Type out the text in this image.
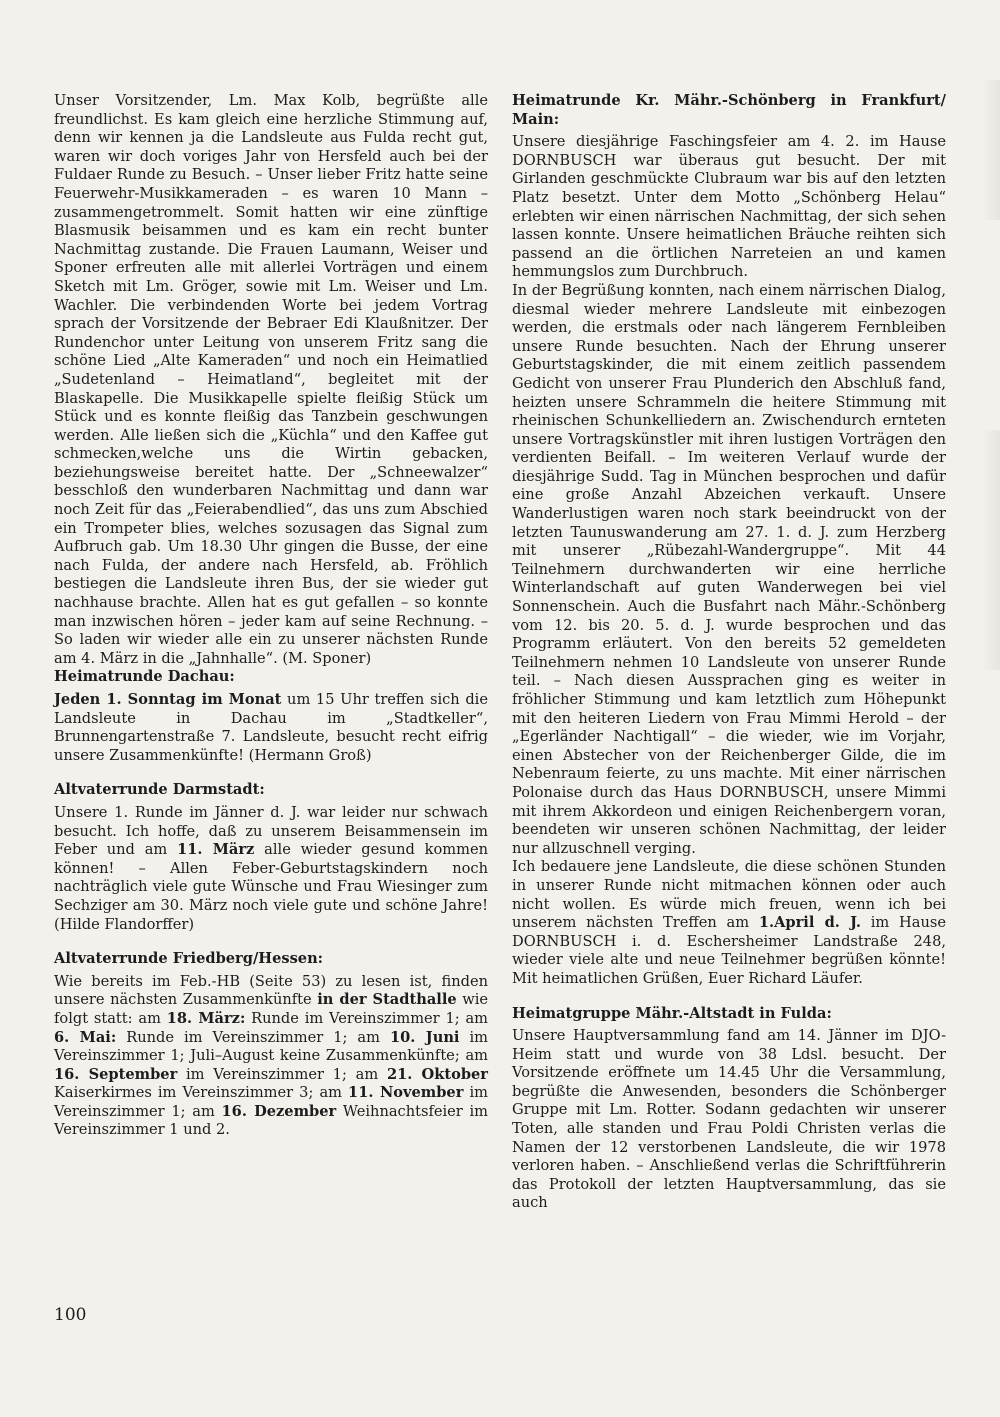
Unser Vorsitzender, Lm. Max Kolb, begrüßte alle freundlichst. Es kam gleich eine herzliche Stimmung auf, denn wir kennen ja die Landsleute aus Fulda recht gut, waren wir doch voriges Jahr von Hersfeld auch bei der Fuldaer Runde zu Besuch. – Unser lieber Fritz hatte seine Feuerwehr-Musikkameraden – es waren 10 Mann – zusammengetrommelt. Somit hatten wir eine zünftige Blasmusik beisammen und es kam ein recht bunter Nachmittag zustande. Die Frauen Laumann, Weiser und Sponer erfreuten alle mit allerlei Vorträgen und einem Sketch mit Lm. Gröger, sowie mit Lm. Weiser und Lm. Wachler. Die verbindenden Worte bei jedem Vortrag sprach der Vorsitzende der Bebraer Edi Klaußnitzer. Der Rundenchor unter Leitung von unserem Fritz sang die schöne Lied „Alte Kameraden“ und noch ein Heimatlied „Sudetenland – Heimatland“, begleitet mit der Blaskapelle. Die Musikkapelle spielte fleißig Stück um Stück und es konnte fleißig das Tanzbein geschwungen werden. Alle ließen sich die „Küchla“ und den Kaffee gut schmecken,welche uns die Wirtin gebacken, beziehungsweise bereitet hatte. Der „Schneewalzer“ besschloß den wunderbaren Nachmittag und dann war noch Zeit für das „Feierabendlied“, das uns zum Abschied ein Trompeter blies, welches sozusagen das Signal zum Aufbruch gab. Um 18.30 Uhr gingen die Busse, der eine nach Fulda, der andere nach Hersfeld, ab. Fröhlich bestiegen die Landsleute ihren Bus, der sie wieder gut nachhause brachte. Allen hat es gut gefallen – so konnte man inzwischen hören – jeder kam auf seine Rechnung. – So laden wir wieder alle ein zu unserer nächsten Runde am 4. März in die „Jahnhalle“. (M. Sponer)

Heimatrunde Dachau:

Jeden 1. Sonntag im Monat um 15 Uhr treffen sich die Landsleute in Dachau im „Stadtkeller“, Brunnengartenstraße 7. Landsleute, besucht recht eifrig unsere Zusammenkünfte! (Hermann Groß)

Altvaterrunde Darmstadt:

Unsere 1. Runde im Jänner d. J. war leider nur schwach besucht. Ich hoffe, daß zu unserem Beisammensein im Feber und am 11. März alle wieder gesund kommen können! – Allen Feber-Geburtstagskindern noch nachträglich viele gute Wünsche und Frau Wiesinger zum Sechziger am 30. März noch viele gute und schöne Jahre! (Hilde Flandorffer)

Altvaterrunde Friedberg/Hessen:

Wie bereits im Feb.-HB (Seite 53) zu lesen ist, finden unsere nächsten Zusammenkünfte in der Stadthalle wie folgt statt: am 18. März: Runde im Vereinszimmer 1; am 6. Mai: Runde im Vereinszimmer 1; am 10. Juni im Vereinszimmer 1; Juli–August keine Zusammenkünfte; am 16. September im Vereinszimmer 1; am 21. Oktober Kaiserkirmes im Vereinszimmer 3; am 11. November im Vereinszimmer 1; am 16. Dezember Weihnachtsfeier im Vereinszimmer 1 und 2.

Heimatrunde Kr. Mähr.-Schönberg in Frankfurt/ Main:

Unsere diesjährige Faschingsfeier am 4. 2. im Hause DORNBUSCH war überaus gut besucht. Der mit Girlanden geschmückte Clubraum war bis auf den letzten Platz besetzt. Unter dem Motto „Schönberg Helau“ erlebten wir einen närrischen Nachmittag, der sich sehen lassen konnte. Unsere heimatlichen Bräuche reihten sich passend an die örtlichen Narreteien an und kamen hemmungslos zum Durchbruch.

In der Begrüßung konnten, nach einem närrischen Dialog, diesmal wieder mehrere Landsleute mit einbezogen werden, die erstmals oder nach längerem Fernbleiben unsere Runde besuchten. Nach der Ehrung unserer Geburtstagskinder, die mit einem zeitlich passendem Gedicht von unserer Frau Plunderich den Abschluß fand, heizten unsere Schrammeln die heitere Stimmung mit rheinischen Schunkelliedern an. Zwischendurch ernteten unsere Vortragskünstler mit ihren lustigen Vorträgen den verdienten Beifall. – Im weiteren Verlauf wurde der diesjährige Sudd. Tag in München besprochen und dafür eine große Anzahl Abzeichen verkauft. Unsere Wanderlustigen waren noch stark beeindruckt von der letzten Taunuswanderung am 27. 1. d. J. zum Herzberg mit unserer „Rübezahl-Wandergruppe“. Mit 44 Teilnehmern durchwanderten wir eine herrliche Winterlandschaft auf guten Wanderwegen bei viel Sonnenschein. Auch die Busfahrt nach Mähr.-Schönberg vom 12. bis 20. 5. d. J. wurde besprochen und das Programm erläutert. Von den bereits 52 gemeldeten Teilnehmern nehmen 10 Landsleute von unserer Runde teil. – Nach diesen Aussprachen ging es weiter in fröhlicher Stimmung und kam letztlich zum Höhepunkt mit den heiteren Liedern von Frau Mimmi Herold – der „Egerländer Nachtigall“ – die wieder, wie im Vorjahr, einen Abstecher von der Reichenberger Gilde, die im Nebenraum feierte, zu uns machte. Mit einer närrischen Polonaise durch das Haus DORNBUSCH, unsere Mimmi mit ihrem Akkordeon und einigen Reichenbergern voran, beendeten wir unseren schönen Nachmittag, der leider nur allzuschnell verging.

Ich bedauere jene Landsleute, die diese schönen Stunden in unserer Runde nicht mitmachen können oder auch nicht wollen. Es würde mich freuen, wenn ich bei unserem nächsten Treffen am 1.April d. J. im Hause DORNBUSCH i. d. Eschersheimer Landstraße 248, wieder viele alte und neue Teilnehmer begrüßen könnte! Mit heimatlichen Grüßen, Euer Richard Läufer.

Heimatgruppe Mähr.-Altstadt in Fulda:

Unsere Hauptversammlung fand am 14. Jänner im DJO-Heim statt und wurde von 38 Ldsl. besucht. Der Vorsitzende eröffnete um 14.45 Uhr die Versammlung, begrüßte die Anwesenden, besonders die Schönberger Gruppe mit Lm. Rotter. Sodann gedachten wir unserer Toten, alle standen und Frau Poldi Christen verlas die Namen der 12 verstorbenen Landsleute, die wir 1978 verloren haben. – Anschließend verlas die Schriftführerin das Protokoll der letzten Hauptversammlung, das sie auch

100
